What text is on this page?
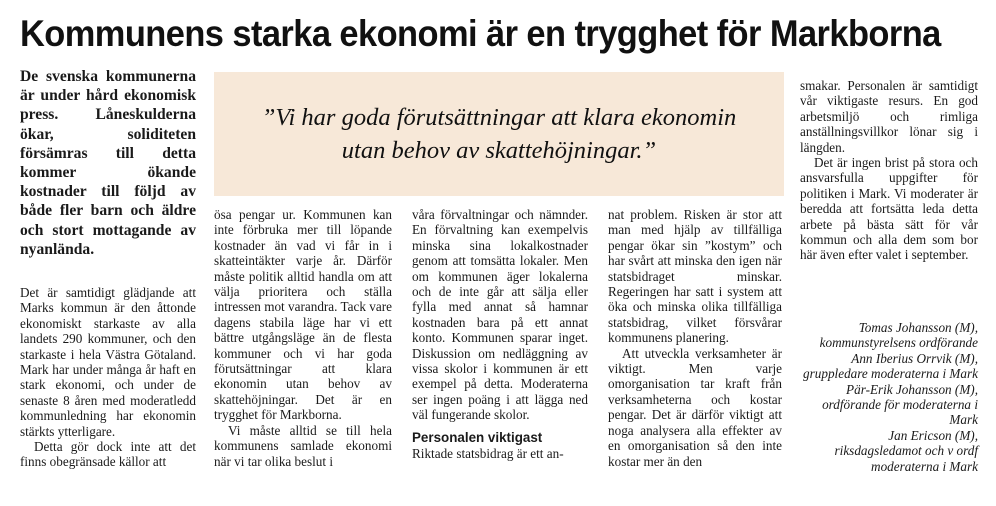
Kommunens starka ekonomi är en trygghet för Markborna
De svenska kommunerna är under hård ekonomisk press. Låneskulderna ökar, soliditeten försämras till detta kommer ökande kostnader till följd av både fler barn och äldre och stort mottagande av nyanlända.

Det är samtidigt glädjande att Marks kommun är den åttonde ekonomiskt starkaste av alla landets 290 kommuner, och den starkaste i hela Västra Götaland. Mark har under många år haft en stark ekonomi, och under de senaste 8 åren med moderatledd kommunledning har ekonomin stärkts ytterligare.

Detta gör dock inte att det finns obegränsade källor att

”Vi har goda förutsättningar att klara ekonomin utan behov av skattehöjningar.”

ösa pengar ur. Kommunen kan inte förbruka mer till löpande kostnader än vad vi får in i skatteintäkter varje år. Därför måste politik alltid handla om att välja prioritera och ställa intressen mot varandra. Tack vare dagens stabila läge har vi ett bättre utgångsläge än de flesta kommuner och vi har goda förutsättningar att klara ekonomin utan behov av skattehöjningar. Det är en trygghet för Markborna.

Vi måste alltid se till hela kommunens samlade ekonomi när vi tar olika beslut i

våra förvaltningar och nämnder. En förvaltning kan exempelvis minska sina lokalkostnader genom att tomsätta lokaler. Men om kommunen äger lokalerna och de inte går att sälja eller fylla med annat så hamnar kostnaden bara på ett annat konto. Kommunen sparar inget. Diskussion om nedläggning av vissa skolor i kommunen är ett exempel på detta. Moderaterna ser ingen poäng i att lägga ned väl fungerande skolor.

Personalen viktigast

Riktade statsbidrag är ett an-

nat problem. Risken är stor att man med hjälp av tillfälliga pengar ökar sin ”kostym” och har svårt att minska den igen när statsbidraget minskar. Regeringen har satt i system att öka och minska olika tillfälliga statsbidrag, vilket försvårar kommunens planering.

Att utveckla verksamheter är viktigt. Men varje omorganisation tar kraft från verksamheterna och kostar pengar. Det är därför viktigt att noga analysera alla effekter av en omorganisation så den inte kostar mer än den

smakar. Personalen är samtidigt vår viktigaste resurs. En god arbetsmiljö och rimliga anställningsvillkor lönar sig i längden.

Det är ingen brist på stora och ansvarsfulla uppgifter för politiken i Mark. Vi moderater är beredda att fortsätta leda detta arbete på bästa sätt för vår kommun och alla dem som bor här även efter valet i september.

Tomas Johansson (M), kommunstyrelsens ordförande
Ann Iberius Orrvik (M), gruppledare moderaterna i Mark
Pär-Erik Johansson (M), ordförande för moderaterna i Mark
Jan Ericson (M), riksdagsledamot och v ordf moderaterna i Mark
